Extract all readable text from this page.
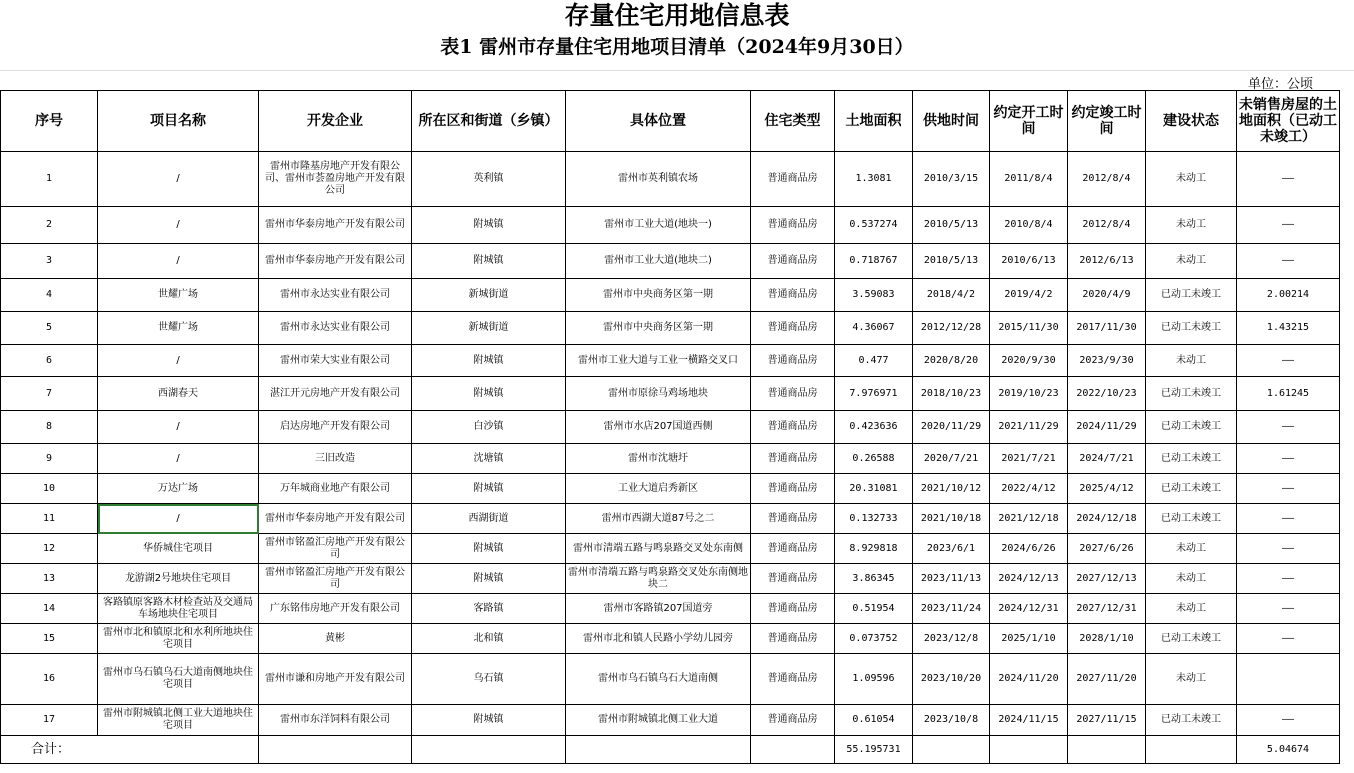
存量住宅用地信息表
表1 雷州市存量住宅用地项目清单（2024年9月30日）
单位：公顷
序号	项目名称	开发企业	所在区和街道（乡镇）	具体位置	住宅类型	土地面积	供地时间	约定开工时间	约定竣工时间	建设状态	未销售房屋的土地面积（已动工未竣工）
1	/	雷州市隆基房地产开发有限公司、雷州市荟盈房地产开发有限公司	英利镇	雷州市英利镇农场	普通商品房	1.3081	2010/3/15	2011/8/4	2012/8/4	未动工	——
2	/	雷州市华泰房地产开发有限公司	附城镇	雷州市工业大道(地块一)	普通商品房	0.537274	2010/5/13	2010/8/4	2012/8/4	未动工	——
3	/	雷州市华泰房地产开发有限公司	附城镇	雷州市工业大道(地块二)	普通商品房	0.718767	2010/5/13	2010/6/13	2012/6/13	未动工	——
4	世耀广场	雷州市永达实业有限公司	新城街道	雷州市中央商务区第一期	普通商品房	3.59083	2018/4/2	2019/4/2	2020/4/9	已动工未竣工	2.00214
5	世耀广场	雷州市永达实业有限公司	新城街道	雷州市中央商务区第一期	普通商品房	4.36067	2012/12/28	2015/11/30	2017/11/30	已动工未竣工	1.43215
6	/	雷州市荣大实业有限公司	附城镇	雷州市工业大道与工业一横路交叉口	普通商品房	0.477	2020/8/20	2020/9/30	2023/9/30	未动工	——
7	西湖春天	湛江开元房地产开发有限公司	附城镇	雷州市原徐马鸡场地块	普通商品房	7.976971	2018/10/23	2019/10/23	2022/10/23	已动工未竣工	1.61245
8	/	启达房地产开发有限公司	白沙镇	雷州市水店207国道西侧	普通商品房	0.423636	2020/11/29	2021/11/29	2024/11/29	已动工未竣工	——
9	/	三旧改造	沈塘镇	雷州市沈塘圩	普通商品房	0.26588	2020/7/21	2021/7/21	2024/7/21	已动工未竣工	——
10	万达广场	万年城商业地产有限公司	附城镇	工业大道启秀新区	普通商品房	20.31081	2021/10/12	2022/4/12	2025/4/12	已动工未竣工	——
11	/	雷州市华泰房地产开发有限公司	西湖街道	雷州市西湖大道87号之二	普通商品房	0.132733	2021/10/18	2021/12/18	2024/12/18	已动工未竣工	——
12	华侨城住宅项目	雷州市铭盈汇房地产开发有限公司	附城镇	雷州市清端五路与鸣泉路交叉处东南侧	普通商品房	8.929818	2023/6/1	2024/6/26	2027/6/26	未动工	——
13	龙游湖2号地块住宅项目	雷州市铭盈汇房地产开发有限公司	附城镇	雷州市清端五路与鸣泉路交叉处东南侧地块二	普通商品房	3.86345	2023/11/13	2024/12/13	2027/12/13	未动工	——
14	客路镇原客路木材检查站及交通局车场地块住宅项目	广东铭伟房地产开发有限公司	客路镇	雷州市客路镇207国道旁	普通商品房	0.51954	2023/11/24	2024/12/31	2027/12/31	未动工	——
15	雷州市北和镇原北和水利所地块住宅项目	黄彬	北和镇	雷州市北和镇人民路小学幼儿园旁	普通商品房	0.073752	2023/12/8	2025/1/10	2028/1/10	已动工未竣工	——
16	雷州市乌石镇乌石大道南侧地块住宅项目	雷州市谦和房地产开发有限公司	乌石镇	雷州市乌石镇乌石大道南侧	普通商品房	1.09596	2023/10/20	2024/11/20	2027/11/20	未动工	
17	雷州市附城镇北侧工业大道地块住宅项目	雷州市东洋饲料有限公司	附城镇	雷州市附城镇北侧工业大道	普通商品房	0.61054	2023/10/8	2024/11/15	2027/11/15	已动工未竣工	——
合计：						55.195731					5.04674
